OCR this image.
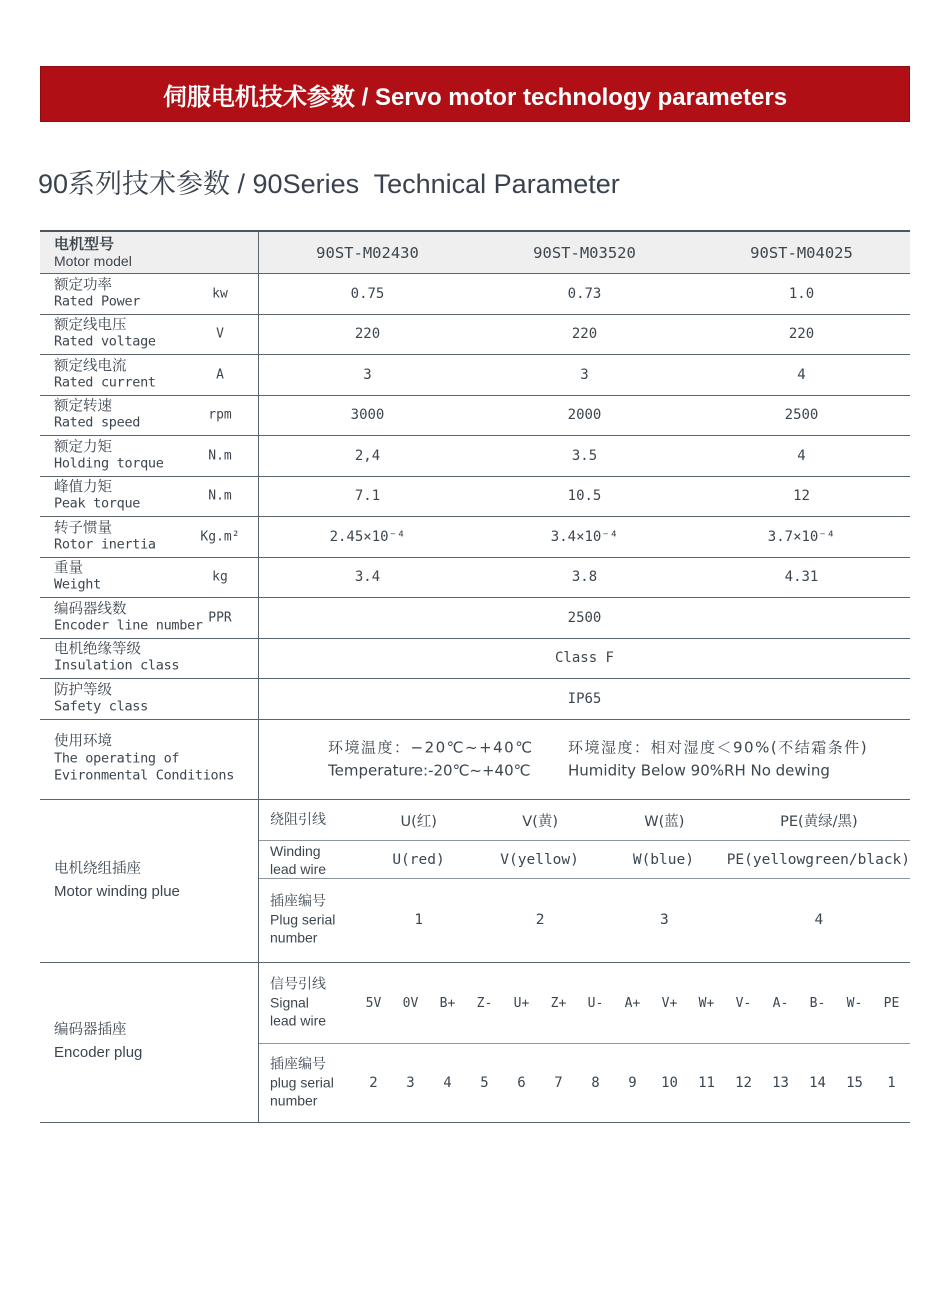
伺服电机技术参数 / Servo motor technology parameters
90系列技术参数 / 90Series  Technical Parameter
电机型号
Motor model	90ST-M02430	90ST-M03520	90ST-M04025
额定功率
Rated Power	kw	0.75	0.73	1.0
额定线电压
Rated voltage	V	220	220	220
额定线电流
Rated current	A	3	3	4
额定转速
Rated speed	rpm	3000	2000	2500
额定力矩
Holding torque	N.m	2,4	3.5	4
峰值力矩
Peak torque	N.m	7.1	10.5	12
转子惯量
Rotor inertia	Kg.m²	2.45×10⁻⁴	3.4×10⁻⁴	3.7×10⁻⁴
重量
Weight	kg	3.4	3.8	4.31
编码器线数
Encoder line number PPR	2500
电机绝缘等级
Insulation class	Class F
防护等级
Safety class	IP65
使用环境
The operating of
Evironmental Conditions
环境温度：−20℃~+40℃
Temperature:-20℃~+40℃
环境湿度：相对湿度＜90%(不结霜条件)
Humidity Below 90%RH No dewing
电机绕组插座
Motor winding plue
绕阻引线	U(红)	V(黄)	W(蓝)	PE(黄绿/黑)
Winding
lead wire
U(red)	V(yellow)	W(blue)	PE(yellowgreen/black)
插座编号
Plug serial
number
1	2	3	4
编码器插座
Encoder plug
信号引线
Signal
lead wire
5V	0V	B+	Z-	U+	Z+	U-	A+	V+	W+	V-	A-	B-	W-	PE
插座编号
plug serial
number
2	3	4	5	6	7	8	9	10	11	12	13	14	15	1
